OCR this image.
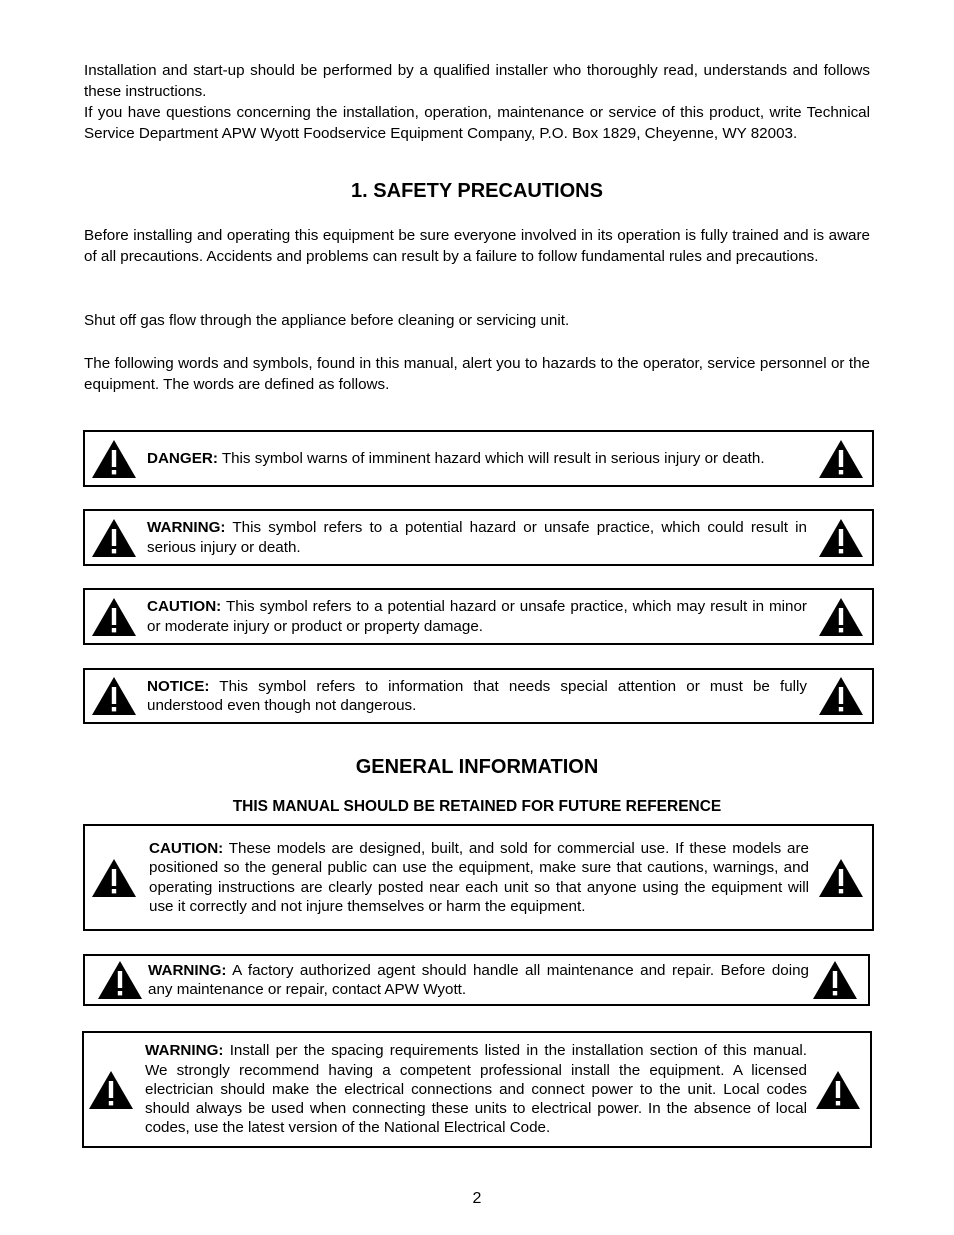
Installation and start-up should be performed by a qualified installer who thoroughly read, understands and follows these instructions.

If you have questions concerning the installation, operation, maintenance or service of this product, write Technical Service Department APW Wyott Foodservice Equipment Company, P.O. Box 1829, Cheyenne, WY 82003.

1. SAFETY PRECAUTIONS
Before installing and operating this equipment be sure everyone involved in its operation is fully trained and is aware of all precautions. Accidents and problems can result by a failure to follow fundamental rules and precautions.
Shut off gas flow through the appliance before cleaning or servicing unit.
The following words and symbols, found in this manual, alert you to hazards to the operator, service personnel or the equipment. The words are defined as follows.
DANGER: This symbol warns of imminent hazard which will result in serious injury or death.
WARNING: This symbol refers to a potential hazard or unsafe practice, which could result in serious injury or death.
CAUTION: This symbol refers to a potential hazard or unsafe practice, which may result in minor or moderate injury or product or property damage.
NOTICE: This symbol refers to information that needs special attention or must be fully understood even though not dangerous.
GENERAL INFORMATION
THIS MANUAL SHOULD BE RETAINED FOR FUTURE REFERENCE
CAUTION: These models are designed, built, and sold for commercial use. If these models are positioned so the general public can use the equipment, make sure that cautions, warnings, and operating instructions are clearly posted near each unit so that anyone using the equipment will use it correctly and not injure themselves or harm the equipment.
WARNING: A factory authorized agent should handle all maintenance and repair. Before doing any maintenance or repair, contact APW Wyott.
WARNING: Install per the spacing requirements listed in the installation section of this manual. We strongly recommend having a competent professional install the equipment. A licensed electrician should make the electrical connections and connect power to the unit. Local codes should always be used when connecting these units to electrical power. In the absence of local codes, use the latest version of the National Electrical Code.
2
